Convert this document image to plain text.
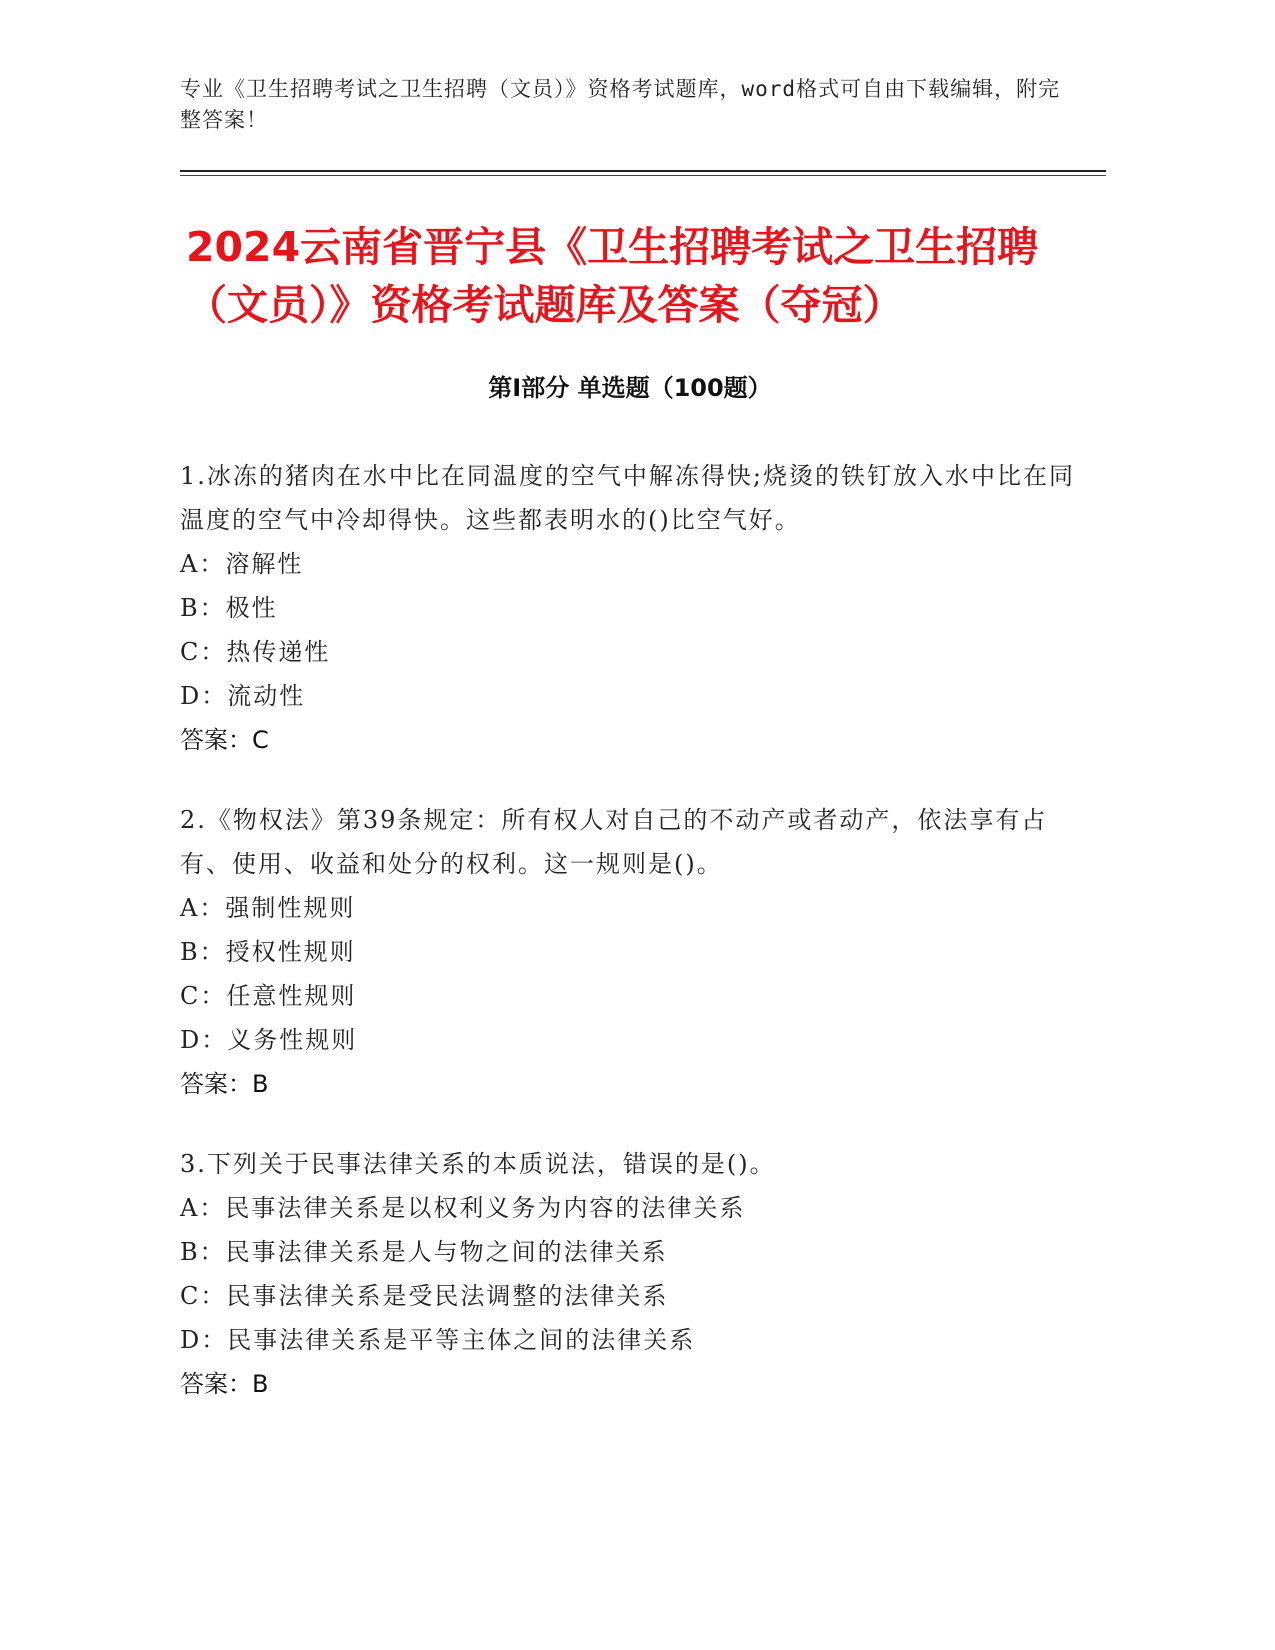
专业《卫生招聘考试之卫生招聘（文员）》资格考试题库，word格式可自由下载编辑，附完整答案！
2024云南省晋宁县《卫生招聘考试之卫生招聘（文员）》资格考试题库及答案（夺冠）
第Ⅰ部分 单选题（100题）
1.冰冻的猪肉在水中比在同温度的空气中解冻得快;烧烫的铁钉放入水中比在同温度的空气中冷却得快。这些都表明水的()比空气好。
A：溶解性
B：极性
C：热传递性
D：流动性
答案：C
2.《物权法》第39条规定：所有权人对自己的不动产或者动产，依法享有占有、使用、收益和处分的权利。这一规则是()。
A：强制性规则
B：授权性规则
C：任意性规则
D：义务性规则
答案：B
3.下列关于民事法律关系的本质说法，错误的是()。
A：民事法律关系是以权利义务为内容的法律关系
B：民事法律关系是人与物之间的法律关系
C：民事法律关系是受民法调整的法律关系
D：民事法律关系是平等主体之间的法律关系
答案：B
